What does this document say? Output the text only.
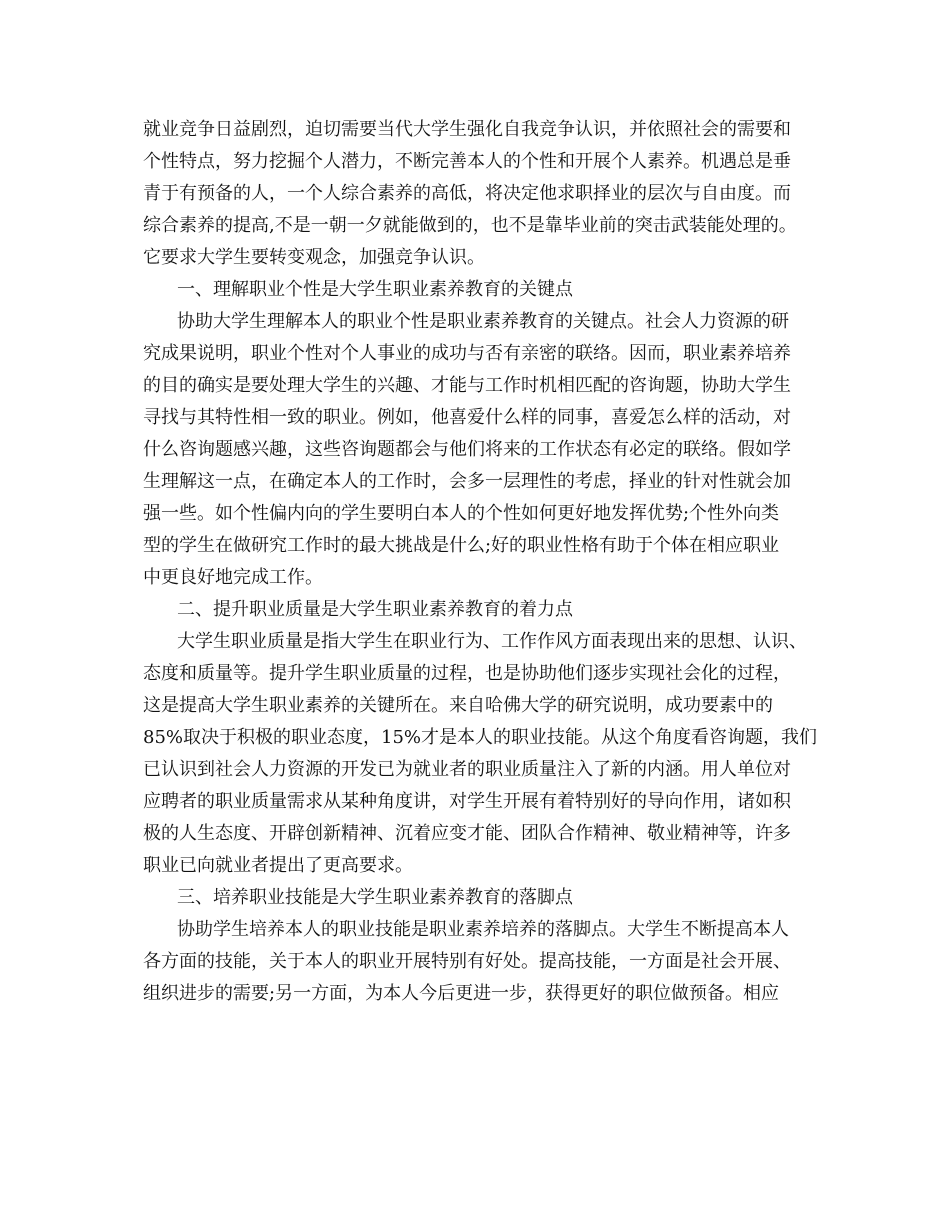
就业竞争日益剧烈，迫切需要当代大学生强化自我竞争认识，并依照社会的需要和
个性特点，努力挖掘个人潜力，不断完善本人的个性和开展个人素养。机遇总是垂
青于有预备的人，一个人综合素养的高低，将决定他求职择业的层次与自由度。而
综合素养的提高,不是一朝一夕就能做到的，也不是靠毕业前的突击武装能处理的。
它要求大学生要转变观念，加强竞争认识。
一、理解职业个性是大学生职业素养教育的关键点
协助大学生理解本人的职业个性是职业素养教育的关键点。社会人力资源的研
究成果说明，职业个性对个人事业的成功与否有亲密的联络。因而，职业素养培养
的目的确实是要处理大学生的兴趣、才能与工作时机相匹配的咨询题，协助大学生
寻找与其特性相一致的职业。例如，他喜爱什么样的同事，喜爱怎么样的活动，对
什么咨询题感兴趣，这些咨询题都会与他们将来的工作状态有必定的联络。假如学
生理解这一点，在确定本人的工作时，会多一层理性的考虑，择业的针对性就会加
强一些。如个性偏内向的学生要明白本人的个性如何更好地发挥优势;个性外向类
型的学生在做研究工作时的最大挑战是什么;好的职业性格有助于个体在相应职业
中更良好地完成工作。
二、提升职业质量是大学生职业素养教育的着力点
大学生职业质量是指大学生在职业行为、工作作风方面表现出来的思想、认识、
态度和质量等。提升学生职业质量的过程，也是协助他们逐步实现社会化的过程，
这是提高大学生职业素养的关键所在。来自哈佛大学的研究说明，成功要素中的
85%取决于积极的职业态度，15%才是本人的职业技能。从这个角度看咨询题，我们
已认识到社会人力资源的开发已为就业者的职业质量注入了新的内涵。用人单位对
应聘者的职业质量需求从某种角度讲，对学生开展有着特别好的导向作用，诸如积
极的人生态度、开辟创新精神、沉着应变才能、团队合作精神、敬业精神等，许多
职业已向就业者提出了更高要求。
三、培养职业技能是大学生职业素养教育的落脚点
协助学生培养本人的职业技能是职业素养培养的落脚点。大学生不断提高本人
各方面的技能，关于本人的职业开展特别有好处。提高技能，一方面是社会开展、
组织进步的需要;另一方面，为本人今后更进一步，获得更好的职位做预备。相应
